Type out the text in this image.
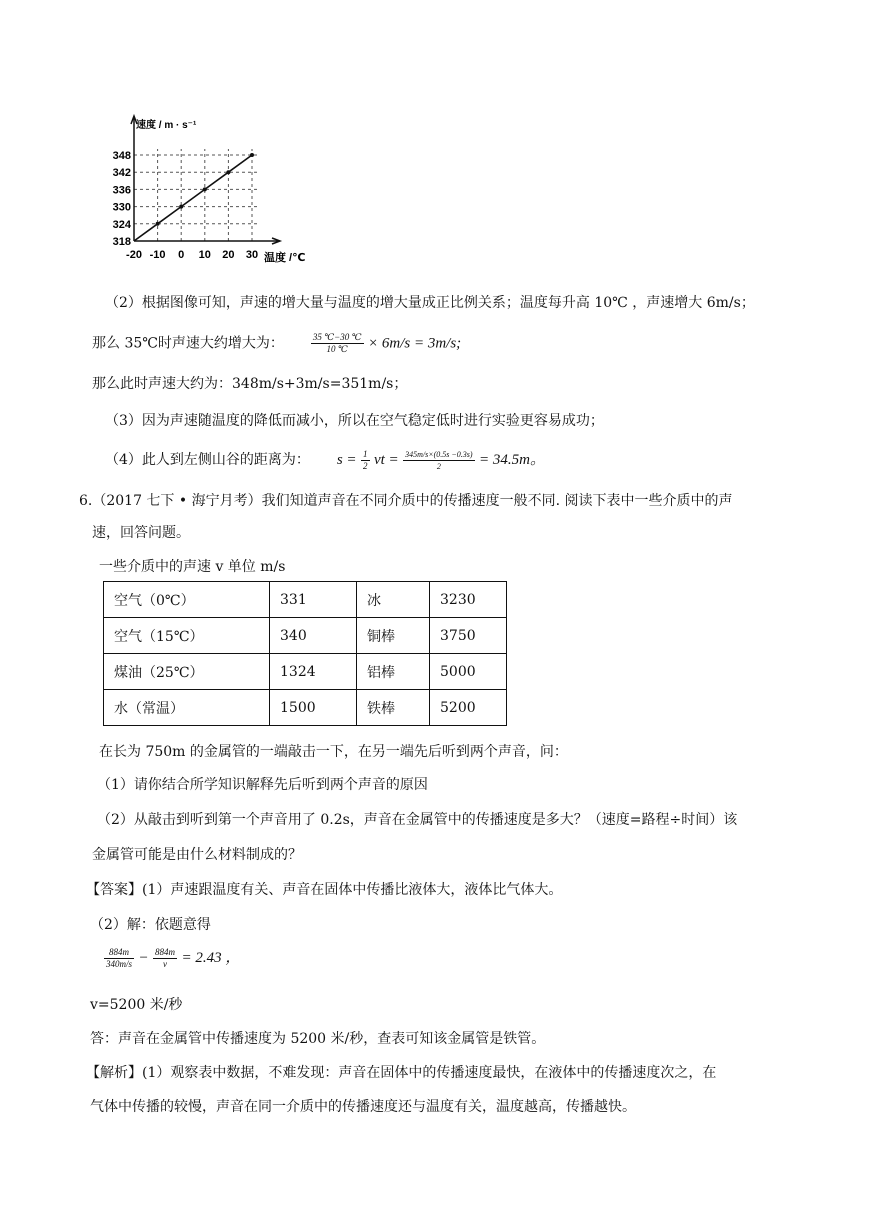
318
324
330
336
342
348
-20 -10 0 10 20 30
速度 / m · s⁻¹
温度 /℃
（2）根据图像可知，声速的增大量与温度的增大量成正比例关系；温度每升高 10℃ ，声速增大 6m/s；
那么 35℃时声速大约增大为：	$\frac{35 ℃-30 ℃}{10 ℃} \times 6m/s = 3m/s$;
那么此时声速大约为：348m/s+3m/s=351m/s；
（3）因为声速随温度的降低而减小，所以在空气稳定低时进行实验更容易成功；
（4）此人到左侧山谷的距离为： $s = \frac{1}{2}$ vt = $\frac{345m/s\times(0.5s -0.3s)}{2} = 34.5m$。
6.（2017 七下 • 海宁月考）我们知道声音在不同介质中的传播速度一般不同. 阅读下表中一些介质中的声
速，回答问题。
一些介质中的声速 v 单位 m/s
空气（0℃）	331	冰	3230
空气（15℃）	340	铜棒	3750
煤油（25℃）	1324	铝棒	5000
水（常温）	1500	铁棒	5200
在长为 750m 的金属管的一端敲击一下，在另一端先后听到两个声音，问：
（1）请你结合所学知识解释先后听到两个声音的原因
（2）从敲击到听到第一个声音用了 0.2s，声音在金属管中的传播速度是多大？（速度=路程÷时间）该
金属管可能是由什么材料制成的？
【答案】(1）声速跟温度有关、声音在固体中传播比液体大，液体比气体大。
（2）解：依题意得
$\frac{884m}{340m/s} - \frac{884m}{v} = 2.43$ ，
v=5200 米/秒
答：声音在金属管中传播速度为 5200 米/秒，查表可知该金属管是铁管。
【解析】(1）观察表中数据，不难发现：声音在固体中的传播速度最快，在液体中的传播速度次之，在
气体中传播的较慢，声音在同一介质中的传播速度还与温度有关，温度越高，传播越快。
